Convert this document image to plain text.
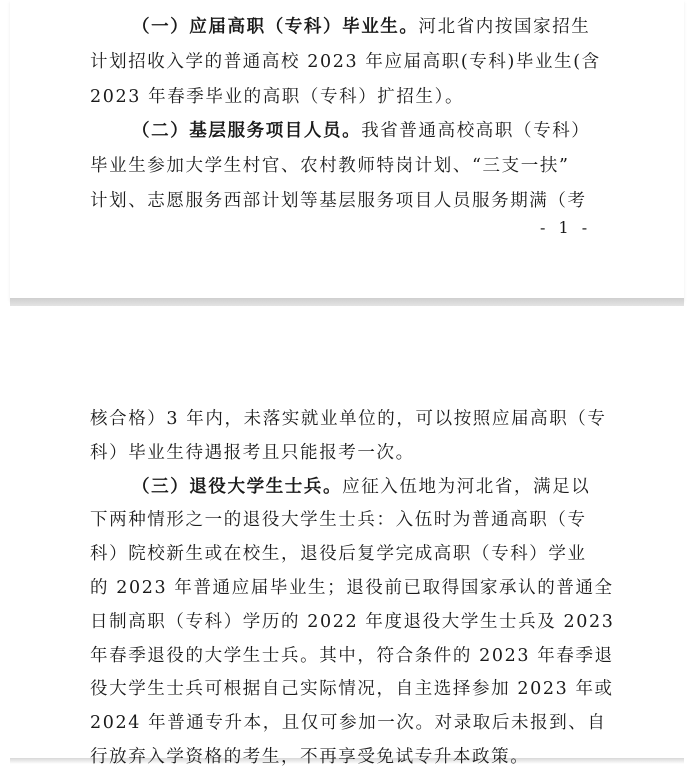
（一）应届高职（专科）毕业生。河北省内按国家招生
计划招收入学的普通高校 2023 年应届高职(专科)毕业生(含
2023 年春季毕业的高职（专科）扩招生）。
（二）基层服务项目人员。我省普通高校高职（专科）
毕业生参加大学生村官、农村教师特岗计划、“三支一扶”
计划、志愿服务西部计划等基层服务项目人员服务期满（考
- 1 -
核合格）3 年内，未落实就业单位的，可以按照应届高职（专
科）毕业生待遇报考且只能报考一次。
（三）退役大学生士兵。应征入伍地为河北省，满足以
下两种情形之一的退役大学生士兵：入伍时为普通高职（专
科）院校新生或在校生，退役后复学完成高职（专科）学业
的 2023 年普通应届毕业生；退役前已取得国家承认的普通全
日制高职（专科）学历的 2022 年度退役大学生士兵及 2023
年春季退役的大学生士兵。其中，符合条件的 2023 年春季退
役大学生士兵可根据自己实际情况，自主选择参加 2023 年或
2024 年普通专升本，且仅可参加一次。对录取后未报到、自
行放弃入学资格的考生，不再享受免试专升本政策。
